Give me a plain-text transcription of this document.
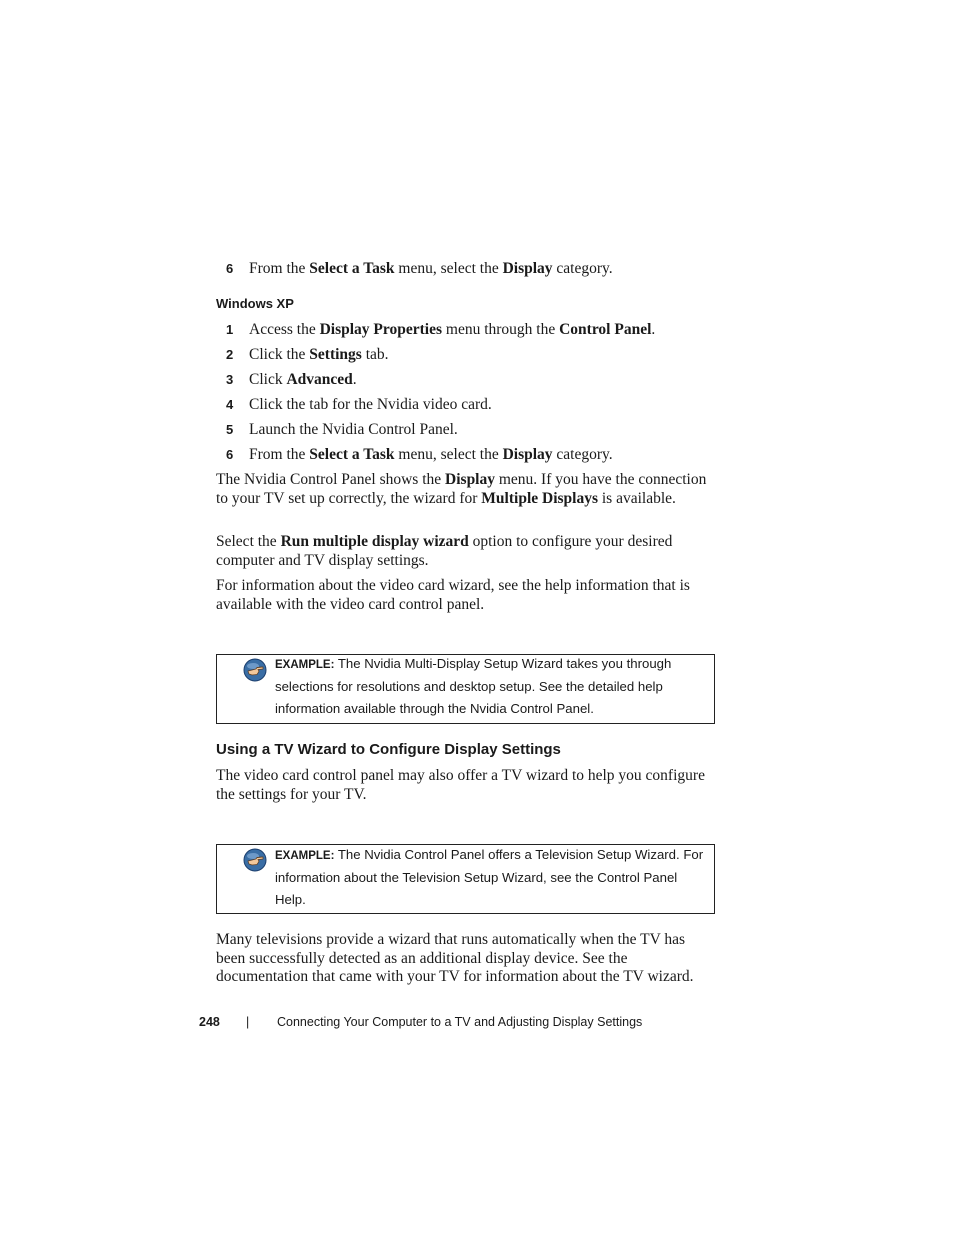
6 From the Select a Task menu, select the Display category.
Windows XP
1 Access the Display Properties menu through the Control Panel.
2 Click the Settings tab.
3 Click Advanced.
4 Click the tab for the Nvidia video card.
5 Launch the Nvidia Control Panel.
6 From the Select a Task menu, select the Display category.
The Nvidia Control Panel shows the Display menu. If you have the connection to your TV set up correctly, the wizard for Multiple Displays is available.
Select the Run multiple display wizard option to configure your desired computer and TV display settings.
For information about the video card wizard, see the help information that is available with the video card control panel.
EXAMPLE: The Nvidia Multi-Display Setup Wizard takes you through selections for resolutions and desktop setup. See the detailed help information available through the Nvidia Control Panel.
Using a TV Wizard to Configure Display Settings
The video card control panel may also offer a TV wizard to help you configure the settings for your TV.
EXAMPLE: The Nvidia Control Panel offers a Television Setup Wizard. For information about the Television Setup Wizard, see the Control Panel Help.
Many televisions provide a wizard that runs automatically when the TV has been successfully detected as an additional display device. See the documentation that came with your TV for information about the TV wizard.
248 | Connecting Your Computer to a TV and Adjusting Display Settings
